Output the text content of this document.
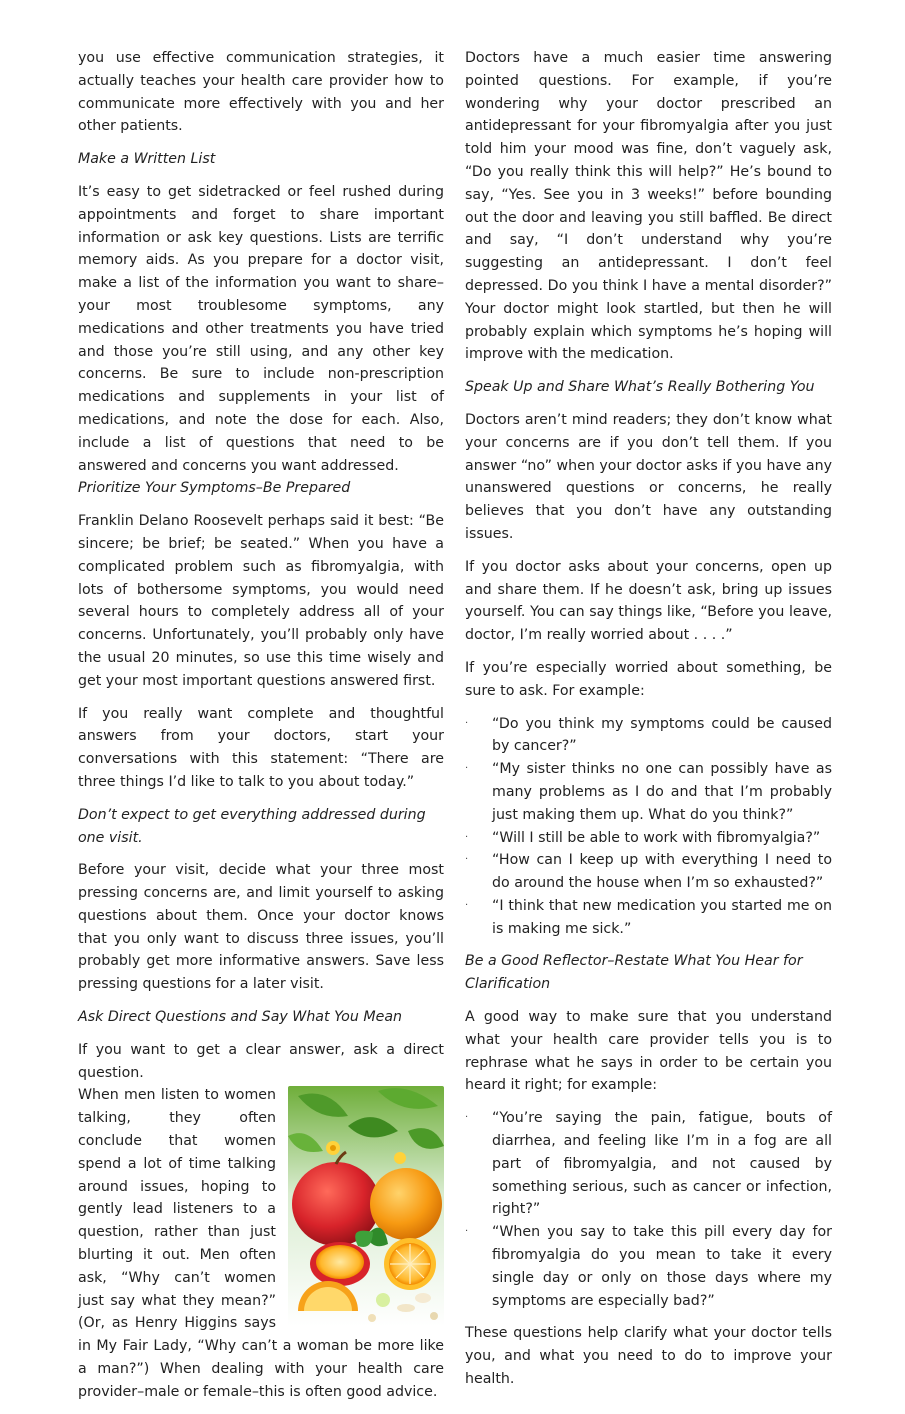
you use effective communication strategies, it actually teaches your health care provider how to communicate more effectively with you and her other patients.

Make a Written List

It’s easy to get sidetracked or feel rushed during appointments and forget to share important information or ask key questions. Lists are terrific memory aids. As you prepare for a doctor visit, make a list of the information you want to share–your most troublesome symptoms, any medications and other treatments you have tried and those you’re still using, and any other key concerns. Be sure to include non-prescription medications and supplements in your list of medications, and note the dose for each. Also, include a list of questions that need to be answered and concerns you want addressed.

Prioritize Your Symptoms–Be Prepared

Franklin Delano Roosevelt perhaps said it best: “Be sincere; be brief; be seated.” When you have a complicated problem such as fibromyalgia, with lots of bothersome symptoms, you would need several hours to completely address all of your concerns. Unfortunately, you’ll probably only have the usual 20 minutes, so use this time wisely and get your most important questions answered first.

If you really want complete and thoughtful answers from your doctors, start your conversations with this statement: “There are three things I’d like to talk to you about today.”

Don’t expect to get everything addressed during one visit.

Before your visit, decide what your three most pressing concerns are, and limit yourself to asking questions about them. Once your doctor knows that you only want to discuss three issues, you’ll probably get more informative answers. Save less pressing questions for a later visit.

Ask Direct Questions and Say What You Mean

If you want to get a clear answer, ask a direct question.

When men listen to women talking, they often conclude that women spend a lot of time talking around issues, hoping to gently lead listeners to a question, rather than just blurting it out. Men often ask, “Why can’t women just say what they mean?” (Or, as Henry Higgins says in My Fair Lady, “Why can’t a woman be more like a man?”) When dealing with your health care provider–male or female–this is often good advice.

Doctors have a much easier time answering pointed questions. For example, if you’re wondering why your doctor prescribed an antidepressant for your fibromyalgia after you just told him your mood was fine, don’t vaguely ask, “Do you really think this will help?” He’s bound to say, “Yes. See you in 3 weeks!” before bounding out the door and leaving you still baffled. Be direct and say, “I don’t understand why you’re suggesting an antidepressant. I don’t feel depressed. Do you think I have a mental disorder?” Your doctor might look startled, but then he will probably explain which symptoms he’s hoping will improve with the medication.

Speak Up and Share What’s Really Bothering You

Doctors aren’t mind readers; they don’t know what your concerns are if you don’t tell them. If you answer “no” when your doctor asks if you have any unanswered questions or concerns, he really believes that you don’t have any outstanding issues.

If you doctor asks about your concerns, open up and share them. If he doesn’t ask, bring up issues yourself. You can say things like, “Before you leave, doctor, I’m really worried about . . . .”

If you’re especially worried about something, be sure to ask. For example:

· “Do you think my symptoms could be caused by cancer?”
· “My sister thinks no one can possibly have as many problems as I do and that I’m probably just making them up. What do you think?”
· “Will I still be able to work with fibromyalgia?”
· “How can I keep up with everything I need to do around the house when I’m so exhausted?”
· “I think that new medication you started me on is making me sick.”
Be a Good Reflector–Restate What You Hear for Clarification

A good way to make sure that you understand what your health care provider tells you is to rephrase what he says in order to be certain you heard it right; for example:

· “You’re saying the pain, fatigue, bouts of diarrhea, and feeling like I’m in a fog are all part of fibromyalgia, and not caused by something serious, such as cancer or infection, right?”
· “When you say to take this pill every day for fibromyalgia do you mean to take it every single day or only on those days where my symptoms are especially bad?”

These questions help clarify what your doctor tells you, and what you need to do to improve your health.
